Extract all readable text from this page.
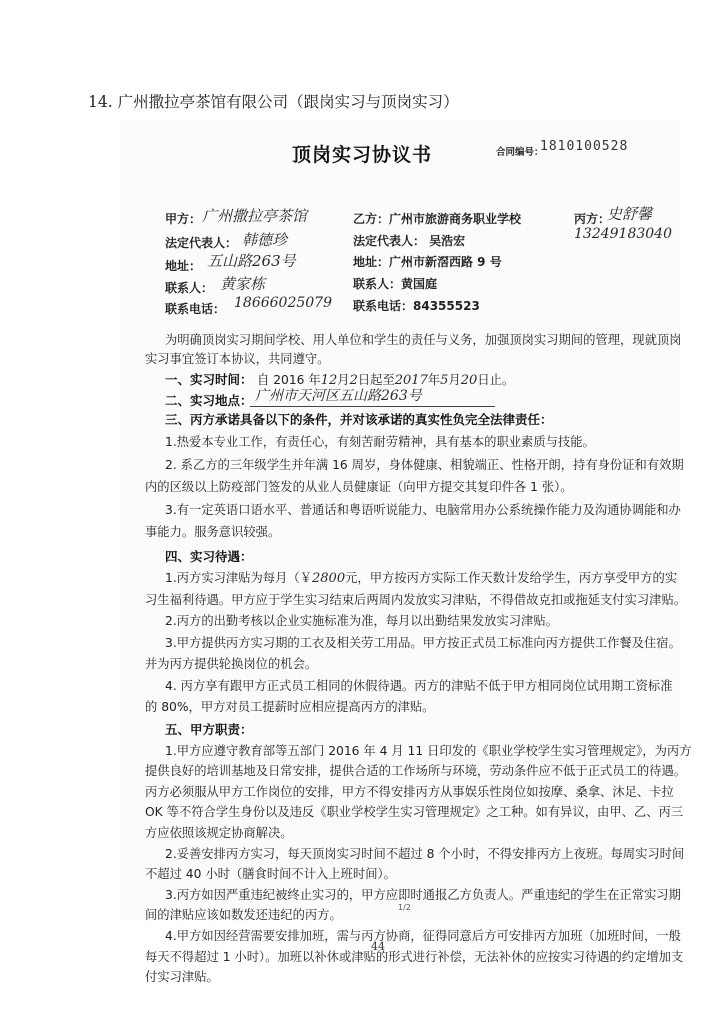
14. 广州撒拉亭茶馆有限公司（跟岗实习与顶岗实习）
顶岗实习协议书	合同编号：
1810100528
甲方： 广州撒拉亭茶馆
法定代表人： 韩德珍
地址： 五山路263号
联系人： 黄家栋
联系电话： 18666025079
乙方：广州市旅游商务职业学校
法定代表人： 吴浩宏
地址：广州市新滘西路 9 号
联系人：黄国庭
联系电话：84355523
丙方：
史舒馨
13249183040
为明确顶岗实习期间学校、用人单位和学生的责任与义务，加强顶岗实习期间的管理，现就顶岗
实习事宜签订本协议，共同遵守。
一、实习时间： 自 2016 年12月2日起至2017年5月20日止。
二、实习地点： 广州市天河区五山路263号
三、丙方承诺具备以下的条件，并对该承诺的真实性负完全法律责任：
1.热爱本专业工作，有责任心，有刻苦耐劳精神，具有基本的职业素质与技能。
2. 系乙方的三年级学生并年满 16 周岁，身体健康、相貌端正、性格开朗，持有身份证和有效期
内的区级以上防疫部门签发的从业人员健康证（向甲方提交其复印件各 1 张）。
3.有一定英语口语水平、普通话和粤语听说能力、电脑常用办公系统操作能力及沟通协调能和办
事能力。服务意识较强。
四、实习待遇：
1.丙方实习津贴为每月（￥2800元，甲方按丙方实际工作天数计发给学生，丙方享受甲方的实
习生福利待遇。甲方应于学生实习结束后两周内发放实习津贴，不得借故克扣或拖延支付实习津贴。
2.丙方的出勤考核以企业实施标准为准，每月以出勤结果发放实习津贴。
3.甲方提供丙方实习期的工衣及相关劳工用品。甲方按正式员工标准向丙方提供工作餐及住宿。
并为丙方提供轮换岗位的机会。
4. 丙方享有跟甲方正式员工相同的休假待遇。丙方的津贴不低于甲方相同岗位试用期工资标准
的 80%，甲方对员工提薪时应相应提高丙方的津贴。
五、甲方职责：
1.甲方应遵守教育部等五部门 2016 年 4 月 11 日印发的《职业学校学生实习管理规定》，为丙方
提供良好的培训基地及日常安排，提供合适的工作场所与环境，劳动条件应不低于正式员工的待遇。
丙方必须服从甲方工作岗位的安排，甲方不得安排丙方从事娱乐性岗位如按摩、桑拿、沐足、卡拉
OK 等不符合学生身份以及违反《职业学校学生实习管理规定》之工种。如有异议，由甲、乙、丙三
方应依照该规定协商解决。
2.妥善安排丙方实习，每天顶岗实习时间不超过 8 个小时，不得安排丙方上夜班。每周实习时间
不超过 40 小时（膳食时间不计入上班时间）。
3.丙方如因严重违纪被终止实习的，甲方应即时通报乙方负责人。严重违纪的学生在正常实习期
间的津贴应该如数发还违纪的丙方。
4.甲方如因经营需要安排加班，需与丙方协商，征得同意后方可安排丙方加班（加班时间，一般
每天不得超过 1 小时）。加班以补休或津贴的形式进行补偿，无法补休的应按实习待遇的约定增加支
付实习津贴。
1/2
44
